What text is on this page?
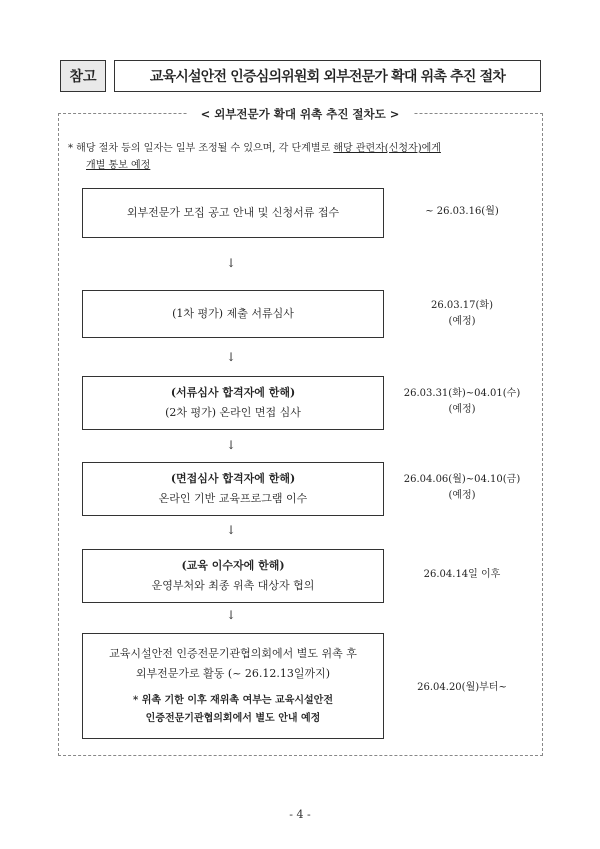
참고	교육시설안전 인증심의위원회 외부전문가 확대 위촉 추진 절차
< 외부전문가 확대 위촉 추진 절차도 >
* 해당 절차 등의 일자는 일부 조정될 수 있으며, 각 단계별로 해당 관련자(신청자)에게
개별 통보 예정
외부전문가 모집 공고 안내 및 신청서류 접수	~ 26.03.16(월)
↓
(1차 평가) 제출 서류심사
26.03.17(화)
(예정)
↓
(서류심사 합격자에 한해)
(2차 평가) 온라인 면접 심사
26.03.31(화)~04.01(수)
(예정)
↓
(면접심사 합격자에 한해)
온라인 기반 교육프로그램 이수
26.04.06(월)~04.10(금)
(예정)
↓
(교육 이수자에 한해)
운영부처와 최종 위촉 대상자 협의
26.04.14일 이후
↓
교육시설안전 인증전문기관협의회에서 별도 위촉 후
외부전문가로 활동 (~ 26.12.13일까지)
* 위촉 기한 이후 재위촉 여부는 교육시설안전
인증전문기관협의회에서 별도 안내 예정
26.04.20(월)부터~
- 4 -
